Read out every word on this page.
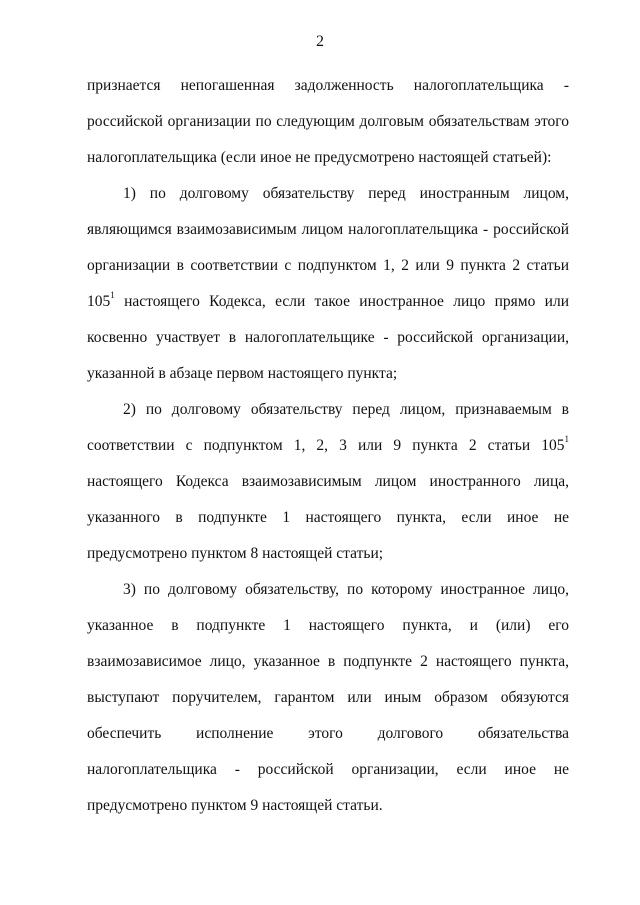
2

признается непогашенная задолженность налогоплательщика - российской организации по следующим долговым обязательствам этого налогоплательщика (если иное не предусмотрено настоящей статьей):

1) по долговому обязательству перед иностранным лицом, являющимся взаимозависимым лицом налогоплательщика - российской организации в соответствии с подпунктом 1, 2 или 9 пункта 2 статьи $105^1$ настоящего Кодекса, если такое иностранное лицо прямо или косвенно участвует в налогоплательщике - российской организации, указанной в абзаце первом настоящего пункта;

2) по долговому обязательству перед лицом, признаваемым в соответствии с подпунктом 1, 2, 3 или 9 пункта 2 статьи $105^1$ настоящего Кодекса взаимозависимым лицом иностранного лица, указанного в подпункте 1 настоящего пункта, если иное не предусмотрено пунктом 8 настоящей статьи;

3) по долговому обязательству, по которому иностранное лицо, указанное в подпункте 1 настоящего пункта, и (или) его взаимозависимое лицо, указанное в подпункте 2 настоящего пункта, выступают поручителем, гарантом или иным образом обязуются обеспечить исполнение этого долгового обязательства налогоплательщика - российской организации, если иное не предусмотрено пунктом 9 настоящей статьи.
